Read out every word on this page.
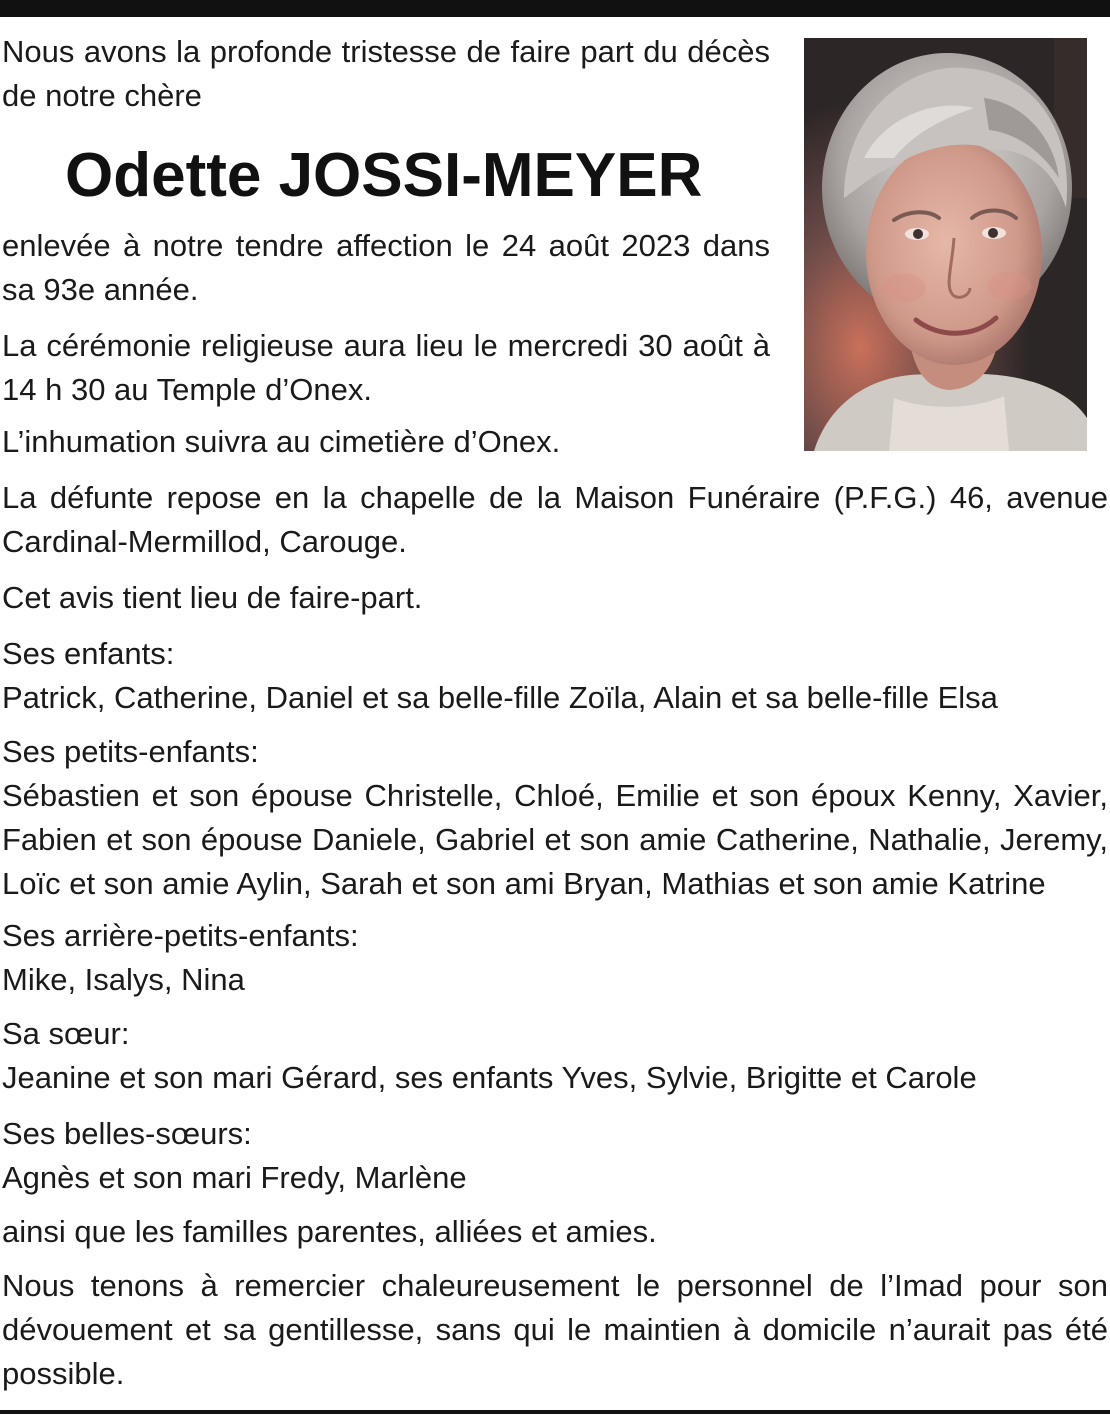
Nous avons la profonde tristesse de faire part du décès de notre chère

Odette JOSSI-MEYER

enlevée à notre tendre affection le 24 août 2023 dans sa 93e année.

La cérémonie religieuse aura lieu le mercredi 30 août à 14 h 30 au Temple d’Onex.

L’inhumation suivra au cimetière d’Onex.

La défunte repose en la chapelle de la Maison Funéraire (P.F.G.) 46, avenue Cardinal-Mermillod, Carouge.

Cet avis tient lieu de faire-part.

Ses enfants:

Patrick, Catherine, Daniel et sa belle-fille Zoïla, Alain et sa belle-fille Elsa

Ses petits-enfants:

Sébastien et son épouse Christelle, Chloé, Emilie et son époux Kenny, Xavier, Fabien et son épouse Daniele, Gabriel et son amie Catherine, Nathalie, Jeremy, Loïc et son amie Aylin, Sarah et son ami Bryan, Mathias et son amie Katrine

Ses arrière-petits-enfants:

Mike, Isalys, Nina

Sa sœur:

Jeanine et son mari Gérard, ses enfants Yves, Sylvie, Brigitte et Carole

Ses belles-sœurs:

Agnès et son mari Fredy, Marlène

ainsi que les familles parentes, alliées et amies.

Nous tenons à remercier chaleureusement le personnel de l’Imad pour son dévouement et sa gentillesse, sans qui le maintien à domicile n’aurait pas été possible.
